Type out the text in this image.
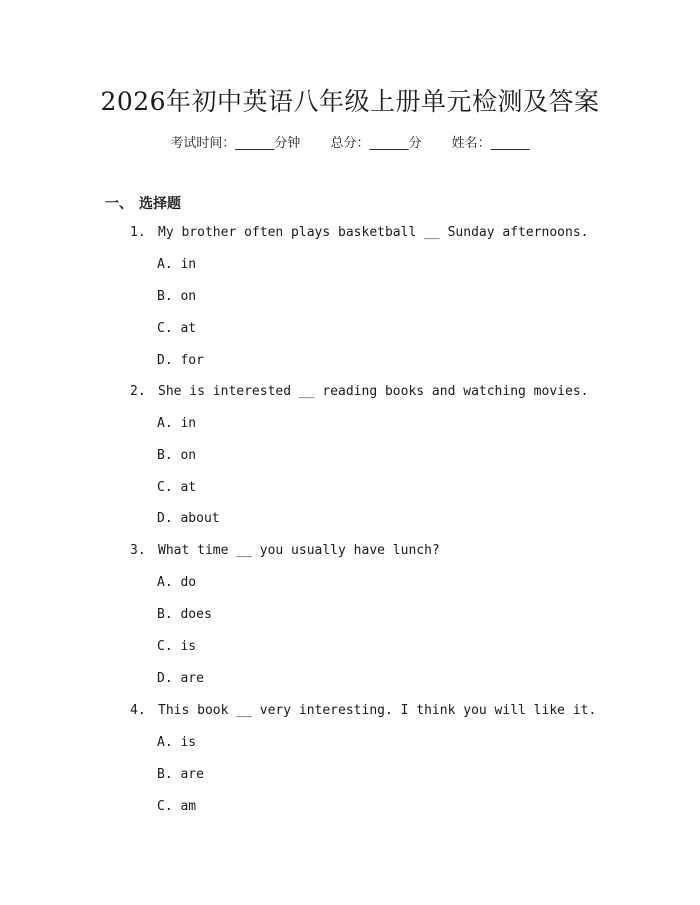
2026年初中英语八年级上册单元检测及答案
考试时间：______分钟 总分：______分 姓名：______
一、 选择题
1. My brother often plays basketball __ Sunday afternoons.
A. in
B. on
C. at
D. for
2. She is interested __ reading books and watching movies.
A. in
B. on
C. at
D. about
3. What time __ you usually have lunch?
A. do
B. does
C. is
D. are
4. This book __ very interesting. I think you will like it.
A. is
B. are
C. am
